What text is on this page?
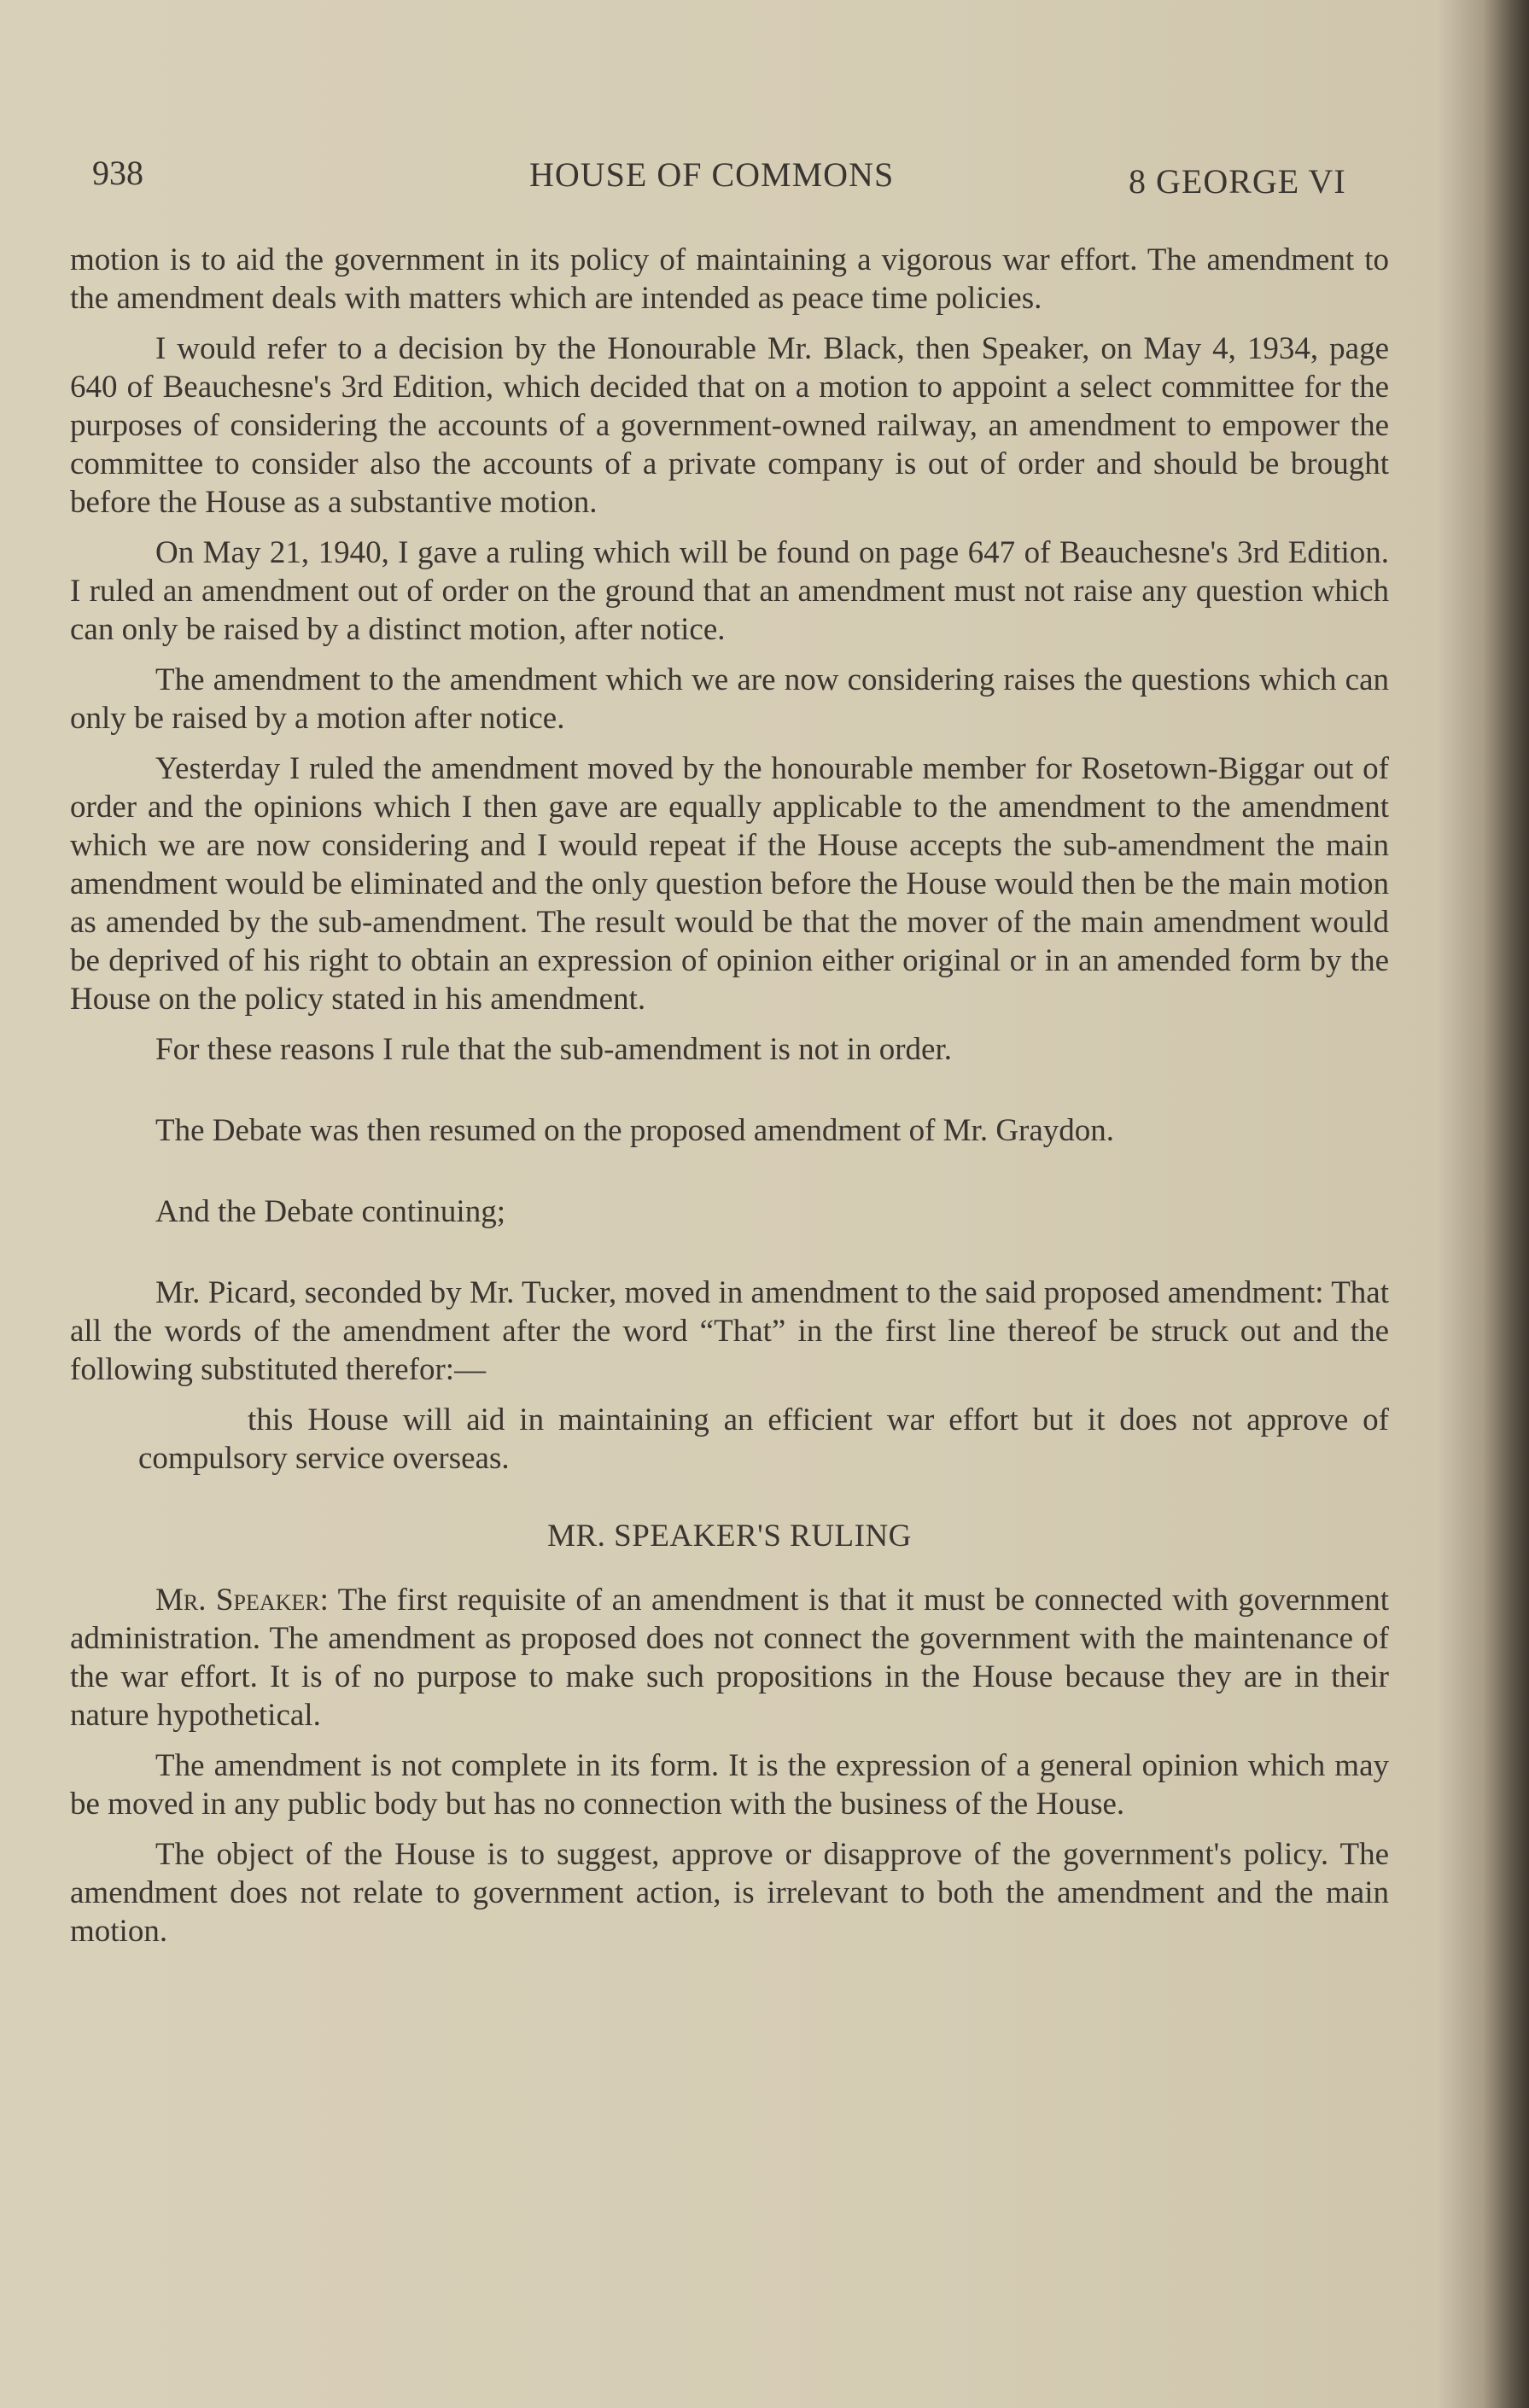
938	HOUSE OF COMMONS	8 GEORGE VI

motion is to aid the government in its policy of maintaining a vigorous war effort. The amendment to the amendment deals with matters which are intended as peace time policies.

I would refer to a decision by the Honourable Mr. Black, then Speaker, on May 4, 1934, page 640 of Beauchesne's 3rd Edition, which decided that on a motion to appoint a select committee for the purposes of considering the accounts of a government-owned railway, an amendment to empower the committee to consider also the accounts of a private company is out of order and should be brought before the House as a substantive motion.

On May 21, 1940, I gave a ruling which will be found on page 647 of Beauchesne's 3rd Edition. I ruled an amendment out of order on the ground that an amendment must not raise any question which can only be raised by a distinct motion, after notice.

The amendment to the amendment which we are now considering raises the questions which can only be raised by a motion after notice.

Yesterday I ruled the amendment moved by the honourable member for Rosetown-Biggar out of order and the opinions which I then gave are equally applicable to the amendment to the amendment which we are now considering and I would repeat if the House accepts the sub-amendment the main amendment would be eliminated and the only question before the House would then be the main motion as amended by the sub-amendment. The result would be that the mover of the main amendment would be deprived of his right to obtain an expression of opinion either original or in an amended form by the House on the policy stated in his amendment.

For these reasons I rule that the sub-amendment is not in order.

The Debate was then resumed on the proposed amendment of Mr. Graydon.

And the Debate continuing;

Mr. Picard, seconded by Mr. Tucker, moved in amendment to the said proposed amendment: That all the words of the amendment after the word “That” in the first line thereof be struck out and the following substituted therefor:—

this House will aid in maintaining an efficient war effort but it does not approve of compulsory service overseas.
MR. SPEAKER'S RULING

Mr. Speaker: The first requisite of an amendment is that it must be connected with government administration. The amendment as proposed does not connect the government with the maintenance of the war effort. It is of no purpose to make such propositions in the House because they are in their nature hypothetical.

The amendment is not complete in its form. It is the expression of a general opinion which may be moved in any public body but has no connection with the business of the House.

The object of the House is to suggest, approve or disapprove of the government's policy. The amendment does not relate to government action, is irrelevant to both the amendment and the main motion.
